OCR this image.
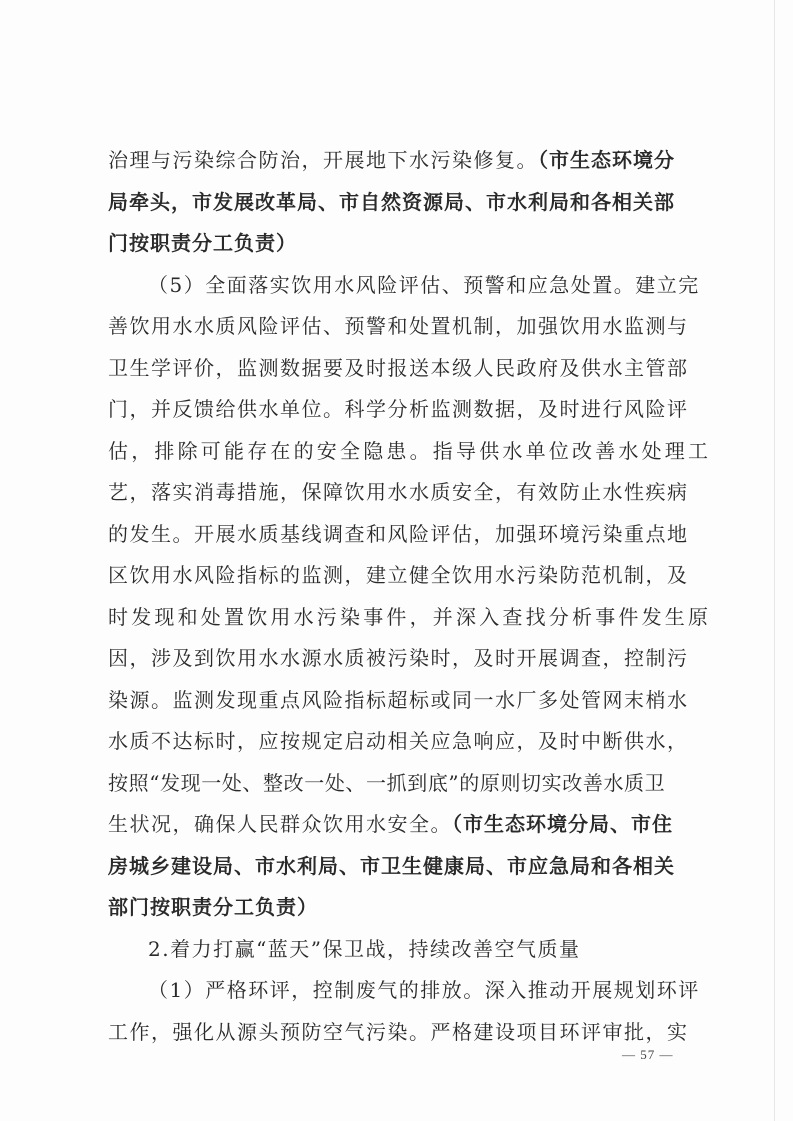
治理与污染综合防治，开展地下水污染修复。（市生态环境分
局牵头，市发展改革局、市自然资源局、市水利局和各相关部
门按职责分工负责）
（5）全面落实饮用水风险评估、预警和应急处置。建立完
善饮用水水质风险评估、预警和处置机制，加强饮用水监测与
卫生学评价，监测数据要及时报送本级人民政府及供水主管部
门，并反馈给供水单位。科学分析监测数据，及时进行风险评
估，排除可能存在的安全隐患。指导供水单位改善水处理工
艺，落实消毒措施，保障饮用水水质安全，有效防止水性疾病
的发生。开展水质基线调查和风险评估，加强环境污染重点地
区饮用水风险指标的监测，建立健全饮用水污染防范机制，及
时发现和处置饮用水污染事件，并深入查找分析事件发生原
因，涉及到饮用水水源水质被污染时，及时开展调查，控制污
染源。监测发现重点风险指标超标或同一水厂多处管网末梢水
水质不达标时，应按规定启动相关应急响应，及时中断供水，
按照“发现一处、整改一处、一抓到底”的原则切实改善水质卫
生状况，确保人民群众饮用水安全。（市生态环境分局、市住
房城乡建设局、市水利局、市卫生健康局、市应急局和各相关
部门按职责分工负责）
2.着力打赢“蓝天”保卫战，持续改善空气质量
（1）严格环评，控制废气的排放。深入推动开展规划环评
工作，强化从源头预防空气污染。严格建设项目环评审批，实
— 57 —
